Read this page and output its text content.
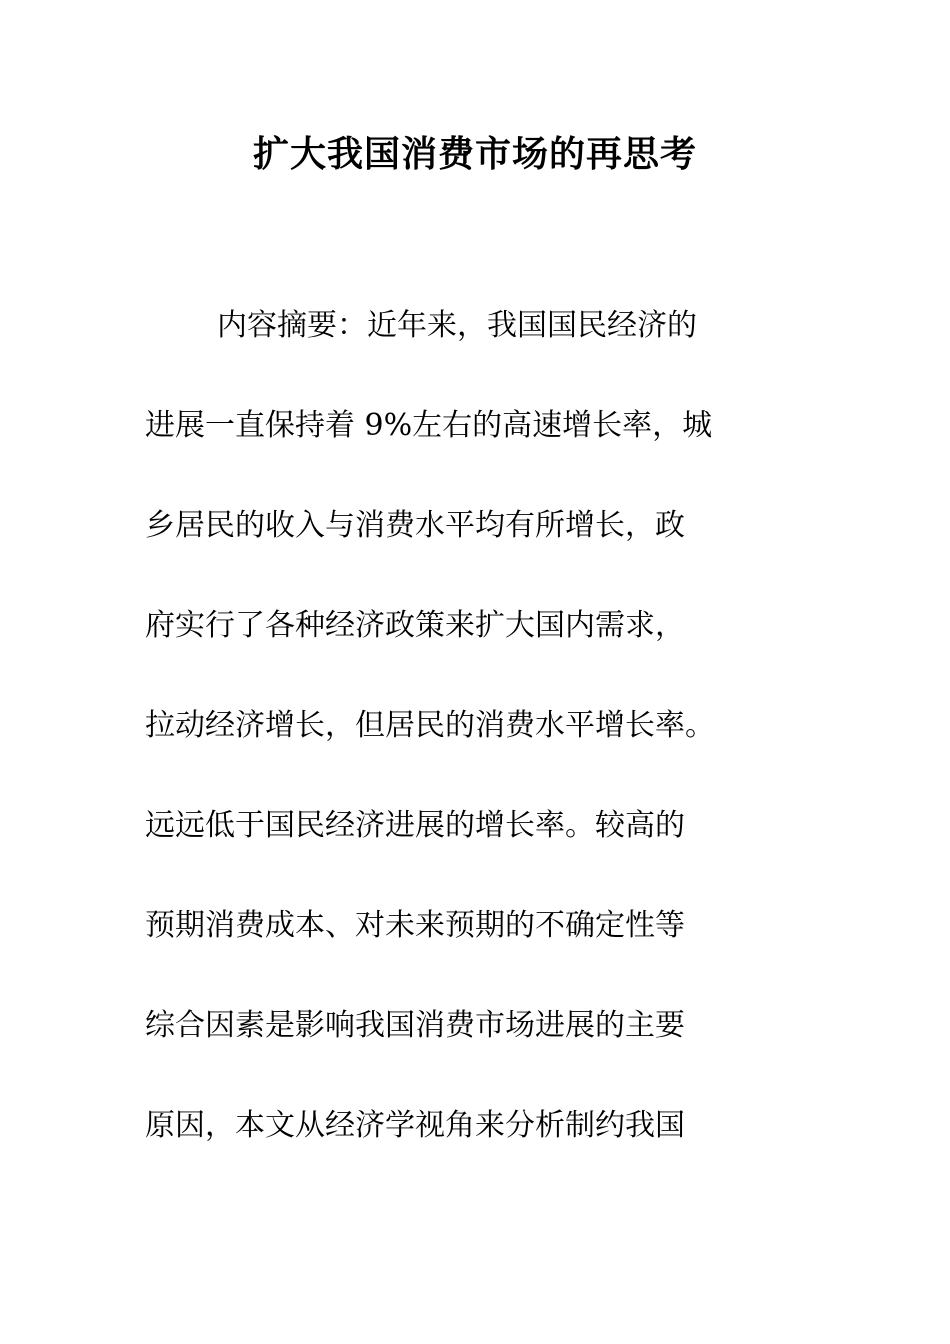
扩大我国消费市场的再思考
内容摘要：近年来，我国国民经济的
进展一直保持着 9%左右的高速增长率，城
乡居民的收入与消费水平均有所增长，政
府实行了各种经济政策来扩大国内需求，
拉动经济增长，但居民的消费水平增长率。
远远低于国民经济进展的增长率。较高的
预期消费成本、对未来预期的不确定性等
综合因素是影响我国消费市场进展的主要
原因，本文从经济学视角来分析制约我国
